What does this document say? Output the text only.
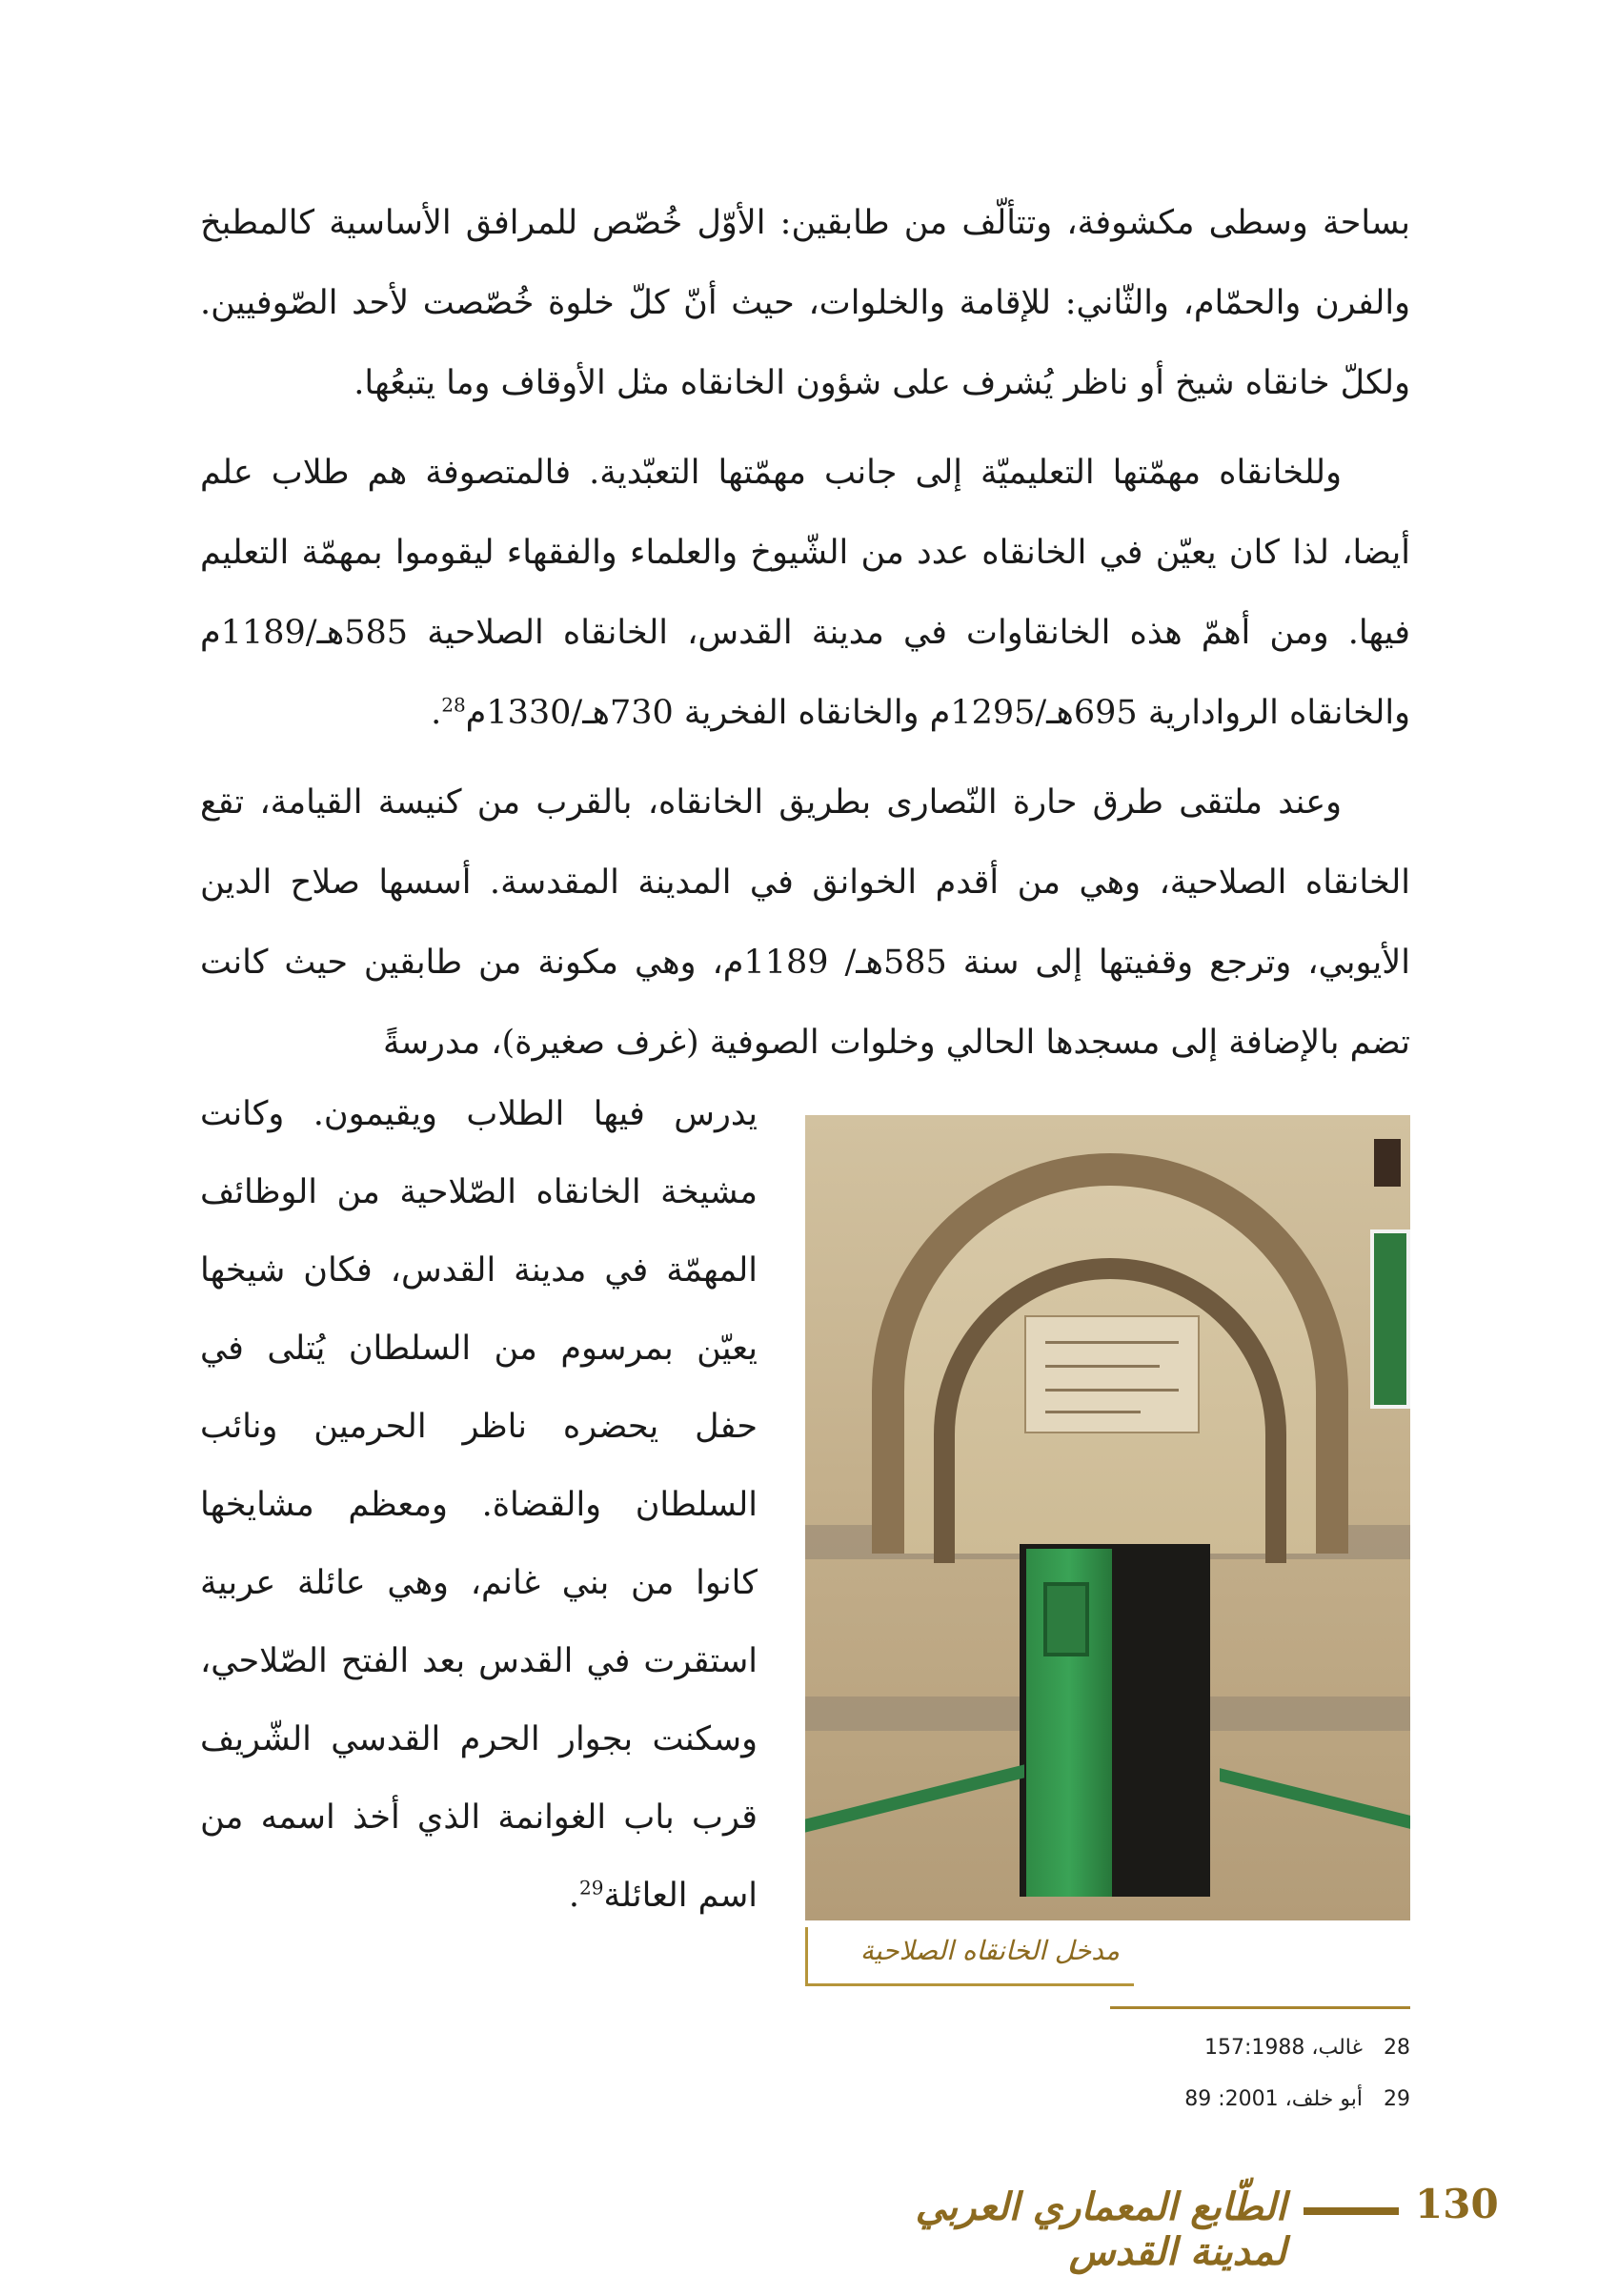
بساحة وسطى مكشوفة، وتتألّف من طابقين: الأوّل خُصّص للمرافق الأساسية كالمطبخ والفرن والحمّام، والثّاني: للإقامة والخلوات، حيث أنّ كلّ خلوة خُصّصت لأحد الصّوفيين. ولكلّ خانقاه شيخ أو ناظر يُشرف على شؤون الخانقاه مثل الأوقاف وما يتبعُها.

وللخانقاه مهمّتها التعليميّة إلى جانب مهمّتها التعبّدية. فالمتصوفة هم طلاب علم أيضا، لذا كان يعيّن في الخانقاه عدد من الشّيوخ والعلماء والفقهاء ليقوموا بمهمّة التعليم فيها. ومن أهمّ هذه الخانقاوات في مدينة القدس، الخانقاه الصلاحية 585هـ/1189م والخانقاه الروادارية 695هـ/1295م والخانقاه الفخرية 730هـ/1330م$^{28}$.

وعند ملتقى طرق حارة النّصارى بطريق الخانقاه، بالقرب من كنيسة القيامة، تقع الخانقاه الصلاحية، وهي من أقدم الخوانق في المدينة المقدسة. أسسها صلاح الدين الأيوبي، وترجع وقفيتها إلى سنة 585هـ/ 1189م، وهي مكونة من طابقين حيث كانت تضم بالإضافة إلى مسجدها الحالي وخلوات الصوفية (غرف صغيرة)، مدرسةً

يدرس فيها الطلاب ويقيمون. وكانت مشيخة الخانقاه الصّلاحية من الوظائف المهمّة في مدينة القدس، فكان شيخها يعيّن بمرسوم من السلطان يُتلى في حفل يحضره ناظر الحرمين ونائب السلطان والقضاة. ومعظم مشايخها كانوا من بني غانم، وهي عائلة عربية استقرت في القدس بعد الفتح الصّلاحي، وسكنت بجوار الحرم القدسي الشّريف قرب باب الغوانمة الذي أخذ اسمه من اسم العائلة$^{29}$.
مدخل الخانقاه الصلاحية
28غالب، 157:1988
29أبو خلف، 2001: 89
الطّابع المعماري العربي لمدينة القدس
130
